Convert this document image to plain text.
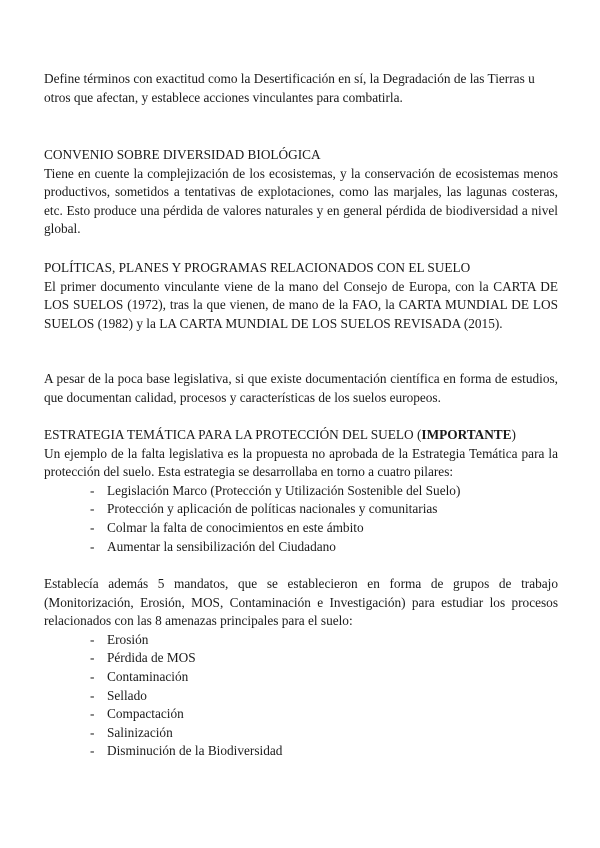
Define términos con exactitud como la Desertificación en sí, la Degradación de las Tierras u otros que afectan, y establece acciones vinculantes para combatirla.

CONVENIO SOBRE DIVERSIDAD BIOLÓGICA

Tiene en cuente la complejización de los ecosistemas, y la conservación de ecosistemas menos productivos, sometidos a tentativas de explotaciones, como las marjales, las lagunas costeras, etc. Esto produce una pérdida de valores naturales y en general pérdida de biodiversidad a nivel global.

POLÍTICAS, PLANES Y PROGRAMAS RELACIONADOS CON EL SUELO

El primer documento vinculante viene de la mano del Consejo de Europa, con la CARTA DE LOS SUELOS (1972), tras la que vienen, de mano de la FAO, la CARTA MUNDIAL DE LOS SUELOS (1982) y la LA CARTA MUNDIAL DE LOS SUELOS REVISADA (2015).

A pesar de la poca base legislativa, si que existe documentación científica en forma de estudios, que documentan calidad, procesos y características de los suelos europeos.

ESTRATEGIA TEMÁTICA PARA LA PROTECCIÓN DEL SUELO (IMPORTANTE)

Un ejemplo de la falta legislativa es la propuesta no aprobada de la Estrategia Temática para la protección del suelo. Esta estrategia se desarrollaba en torno a cuatro pilares:

- Legislación Marco (Protección y Utilización Sostenible del Suelo)
- Protección y aplicación de políticas nacionales y comunitarias
- Colmar la falta de conocimientos en este ámbito
- Aumentar la sensibilización del Ciudadano

Establecía además 5 mandatos, que se establecieron en forma de grupos de trabajo (Monitorización, Erosión, MOS, Contaminación e Investigación) para estudiar los procesos relacionados con las 8 amenazas principales para el suelo:

- Erosión
- Pérdida de MOS
- Contaminación
- Sellado
- Compactación
- Salinización
- Disminución de la Biodiversidad
